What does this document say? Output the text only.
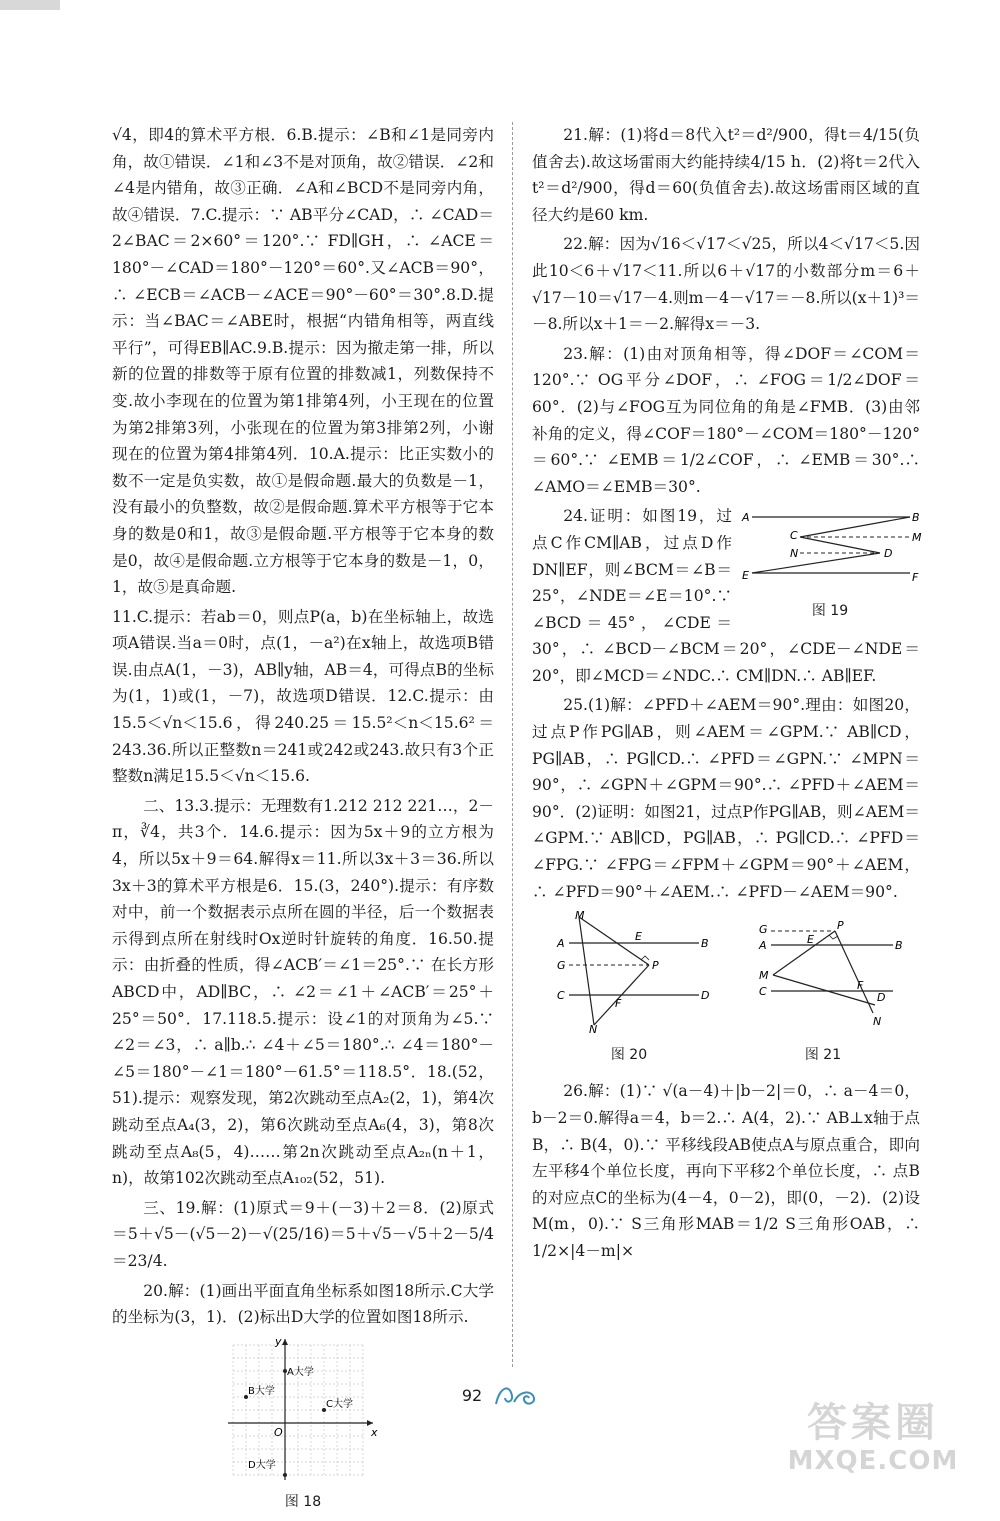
√4，即4的算术平方根．6.B.提示：∠B和∠1是同旁内角，故①错误．∠1和∠3不是对顶角，故②错误．∠2和∠4是内错角，故③正确．∠A和∠BCD不是同旁内角，故④错误．7.C.提示：∵ AB平分∠CAD，∴ ∠CAD＝2∠BAC＝2×60°＝120°.∵ FD∥GH，∴ ∠ACE＝180°－∠CAD＝180°－120°＝60°.又∠ACB＝90°，∴ ∠ECB＝∠ACB－∠ACE＝90°－60°＝30°.8.D.提示：当∠BAC＝∠ABE时，根据“内错角相等，两直线平行”，可得EB∥AC.9.B.提示：因为撤走第一排，所以新的位置的排数等于原有位置的排数减1，列数保持不变.故小李现在的位置为第1排第4列，小王现在的位置为第2排第3列，小张现在的位置为第3排第2列，小谢现在的位置为第4排第4列．10.A.提示：比正实数小的数不一定是负实数，故①是假命题.最大的负数是－1，没有最小的负整数，故②是假命题.算术平方根等于它本身的数是0和1，故③是假命题.平方根等于它本身的数是0，故④是假命题.立方根等于它本身的数是－1，0，1，故⑤是真命题.

11.C.提示：若ab＝0，则点P(a，b)在坐标轴上，故选项A错误.当a＝0时，点(1，－a²)在x轴上，故选项B错误.由点A(1，－3)，AB∥y轴，AB＝4，可得点B的坐标为(1，1)或(1，－7)，故选项D错误．12.C.提示：由15.5＜√n＜15.6，得240.25＝15.5²＜n＜15.6²＝243.36.所以正整数n＝241或242或243.故只有3个正整数n满足15.5＜√n＜15.6.

二、13.3.提示：无理数有1.212 212 221…，2－π，∛4，共3个．14.6.提示：因为5x＋9的立方根为4，所以5x＋9＝64.解得x＝11.所以3x＋3＝36.所以3x＋3的算术平方根是6．15.(3，240°).提示：有序数对中，前一个数据表示点所在圆的半径，后一个数据表示得到点所在射线时Ox逆时针旋转的角度．16.50.提示：由折叠的性质，得∠ACB′＝∠1＝25°.∵ 在长方形ABCD中，AD∥BC，∴ ∠2＝∠1＋∠ACB′＝25°＋25°＝50°．17.118.5.提示：设∠1的对顶角为∠5.∵ ∠2＝∠3，∴ a∥b.∴ ∠4＋∠5＝180°.∴ ∠4＝180°－∠5＝180°－∠1＝180°－61.5°＝118.5°．18.(52，51).提示：观察发现，第2次跳动至点A₂(2，1)，第4次跳动至点A₄(3，2)，第6次跳动至点A₆(4，3)，第8次跳动至点A₈(5，4)……第2n次跳动至点A₂ₙ(n＋1，n)，故第102次跳动至点A₁₀₂(52，51).

三、19.解：(1)原式＝9＋(－3)＋2＝8．(2)原式＝5＋√5－(√5－2)－√(25/16)＝5＋√5－√5＋2－5/4＝23/4.

20.解：(1)画出平面直角坐标系如图18所示.C大学的坐标为(3，1)．(2)标出D大学的位置如图18所示.

x
y
O
A大学
B大学
C大学
D大学
图 18

21.解：(1)将d＝8代入t²＝d²/900，得t＝4/15(负值舍去).故这场雷雨大约能持续4/15 h．(2)将t＝2代入t²＝d²/900，得d＝60(负值舍去).故这场雷雨区域的直径大约是60 km.

22.解：因为√16＜√17＜√25，所以4＜√17＜5.因此10＜6＋√17＜11.所以6＋√17的小数部分m＝6＋√17－10＝√17－4.则m－4－√17＝－8.所以(x＋1)³＝－8.所以x＋1＝－2.解得x＝－3.

23.解：(1)由对顶角相等，得∠DOF＝∠COM＝120°.∵ OG平分∠DOF，∴ ∠FOG＝1/2∠DOF＝60°．(2)与∠FOG互为同位角的角是∠FMB．(3)由邻补角的定义，得∠COF＝180°－∠COM＝180°－120°＝60°.∵ ∠EMB＝1/2∠COF，∴ ∠EMB＝30°.∴ ∠AMO＝∠EMB＝30°.

A	B
C	M
N	D
E	F
图 19

24.证明：如图19，过点C作CM∥AB，过点D作DN∥EF，则∠BCM＝∠B＝25°，∠NDE＝∠E＝10°.∵ ∠BCD＝45°，∠CDE＝30°，∴ ∠BCD－∠BCM＝20°，∠CDE－∠NDE＝20°，即∠MCD＝∠NDC.∴ CM∥DN.∴ AB∥EF.

25.(1)解：∠PFD＋∠AEM＝90°.理由：如图20，过点P作PG∥AB，则∠AEM＝∠GPM.∵ AB∥CD，PG∥AB，∴ PG∥CD.∴ ∠PFD＝∠GPN.∵ ∠MPN＝90°，∴ ∠GPN＋∠GPM＝90°.∴ ∠PFD＋∠AEM＝90°．(2)证明：如图21，过点P作PG∥AB，则∠AEM＝∠GPM.∵ AB∥CD，PG∥AB，∴ PG∥CD.∴ ∠PFD＝∠FPG.∵ ∠FPG＝∠FPM＋∠GPM＝90°＋∠AEM，∴ ∠PFD＝90°＋∠AEM.∴ ∠PFD－∠AEM＝90°.

M
A
E
B
G	P
C
F
D
N
图 20
G	P
A	E	B
M
C	F
D
N
图 21

26.解：(1)∵ √(a－4)＋|b－2|＝0，∴ a－4＝0，b－2＝0.解得a＝4，b＝2.∴ A(4，2).∵ AB⊥x轴于点B，∴ B(4，0).∵ 平移线段AB使点A与原点重合，即向左平移4个单位长度，再向下平移2个单位长度，∴ 点B的对应点C的坐标为(4－4，0－2)，即(0，－2)．(2)设M(m，0).∵ S三角形MAB＝1/2 S三角形OAB，∴ 1/2×|4－m|×

92
答案圈
MXQE.COM
